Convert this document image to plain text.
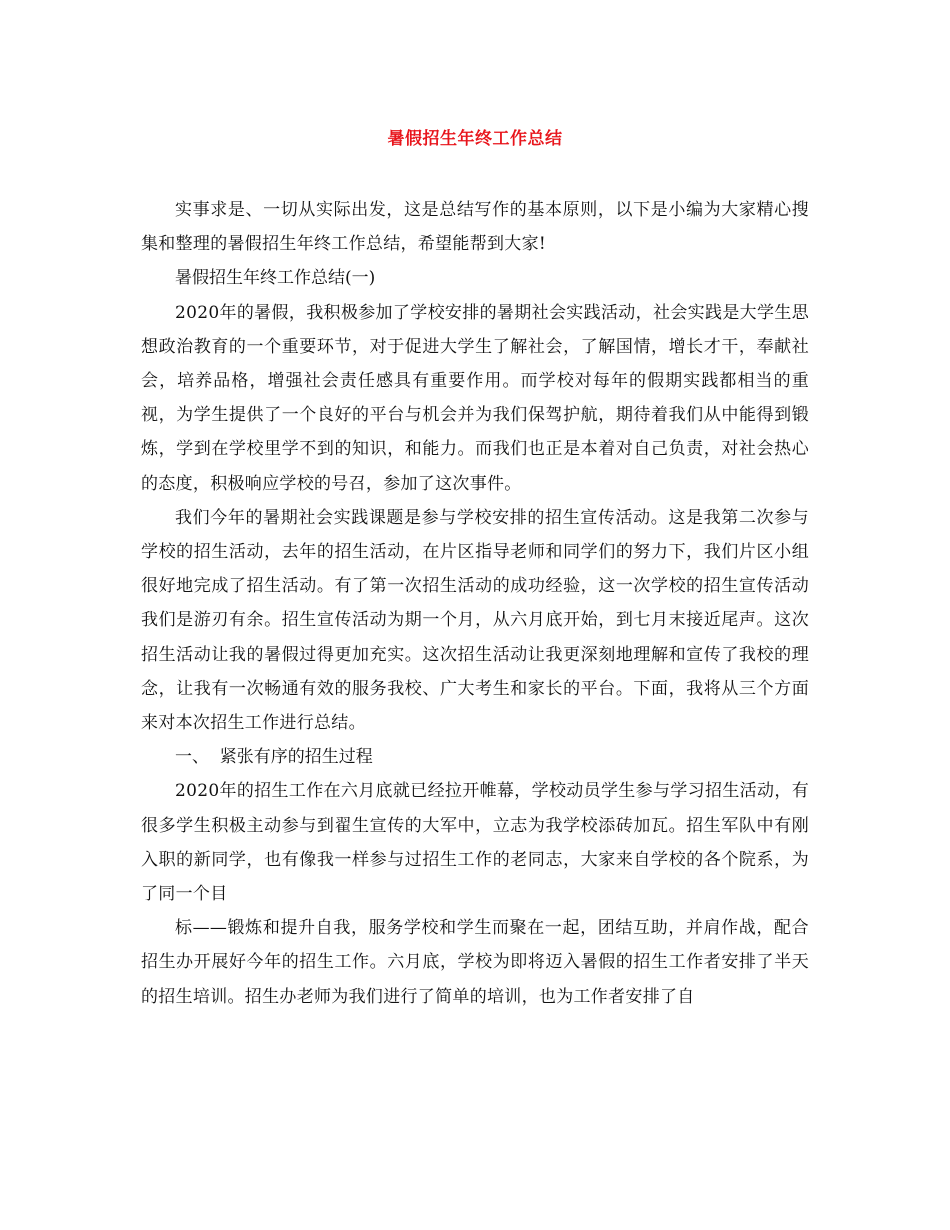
暑假招生年终工作总结

实事求是、一切从实际出发，这是总结写作的基本原则，以下是小编为大家精心搜集和整理的暑假招生年终工作总结，希望能帮到大家!

暑假招生年终工作总结(一)

2020年的暑假，我积极参加了学校安排的暑期社会实践活动，社会实践是大学生思想政治教育的一个重要环节，对于促进大学生了解社会，了解国情，增长才干，奉献社会，培养品格，增强社会责任感具有重要作用。而学校对每年的假期实践都相当的重视，为学生提供了一个良好的平台与机会并为我们保驾护航，期待着我们从中能得到锻炼，学到在学校里学不到的知识，和能力。而我们也正是本着对自己负责，对社会热心的态度，积极响应学校的号召，参加了这次事件。

我们今年的暑期社会实践课题是参与学校安排的招生宣传活动。这是我第二次参与学校的招生活动，去年的招生活动，在片区指导老师和同学们的努力下，我们片区小组很好地完成了招生活动。有了第一次招生活动的成功经验，这一次学校的招生宣传活动我们是游刃有余。招生宣传活动为期一个月，从六月底开始，到七月末接近尾声。这次招生活动让我的暑假过得更加充实。这次招生活动让我更深刻地理解和宣传了我校的理念，让我有一次畅通有效的服务我校、广大考生和家长的平台。下面，我将从三个方面来对本次招生工作进行总结。

一、  紧张有序的招生过程

2020年的招生工作在六月底就已经拉开帷幕，学校动员学生参与学习招生活动，有很多学生积极主动参与到翟生宣传的大军中，立志为我学校添砖加瓦。招生军队中有刚入职的新同学，也有像我一样参与过招生工作的老同志，大家来自学校的各个院系，为了同一个目

标——锻炼和提升自我，服务学校和学生而聚在一起，团结互助，并肩作战，配合招生办开展好今年的招生工作。六月底，学校为即将迈入暑假的招生工作者安排了半天的招生培训。招生办老师为我们进行了简单的培训，也为工作者安排了自
